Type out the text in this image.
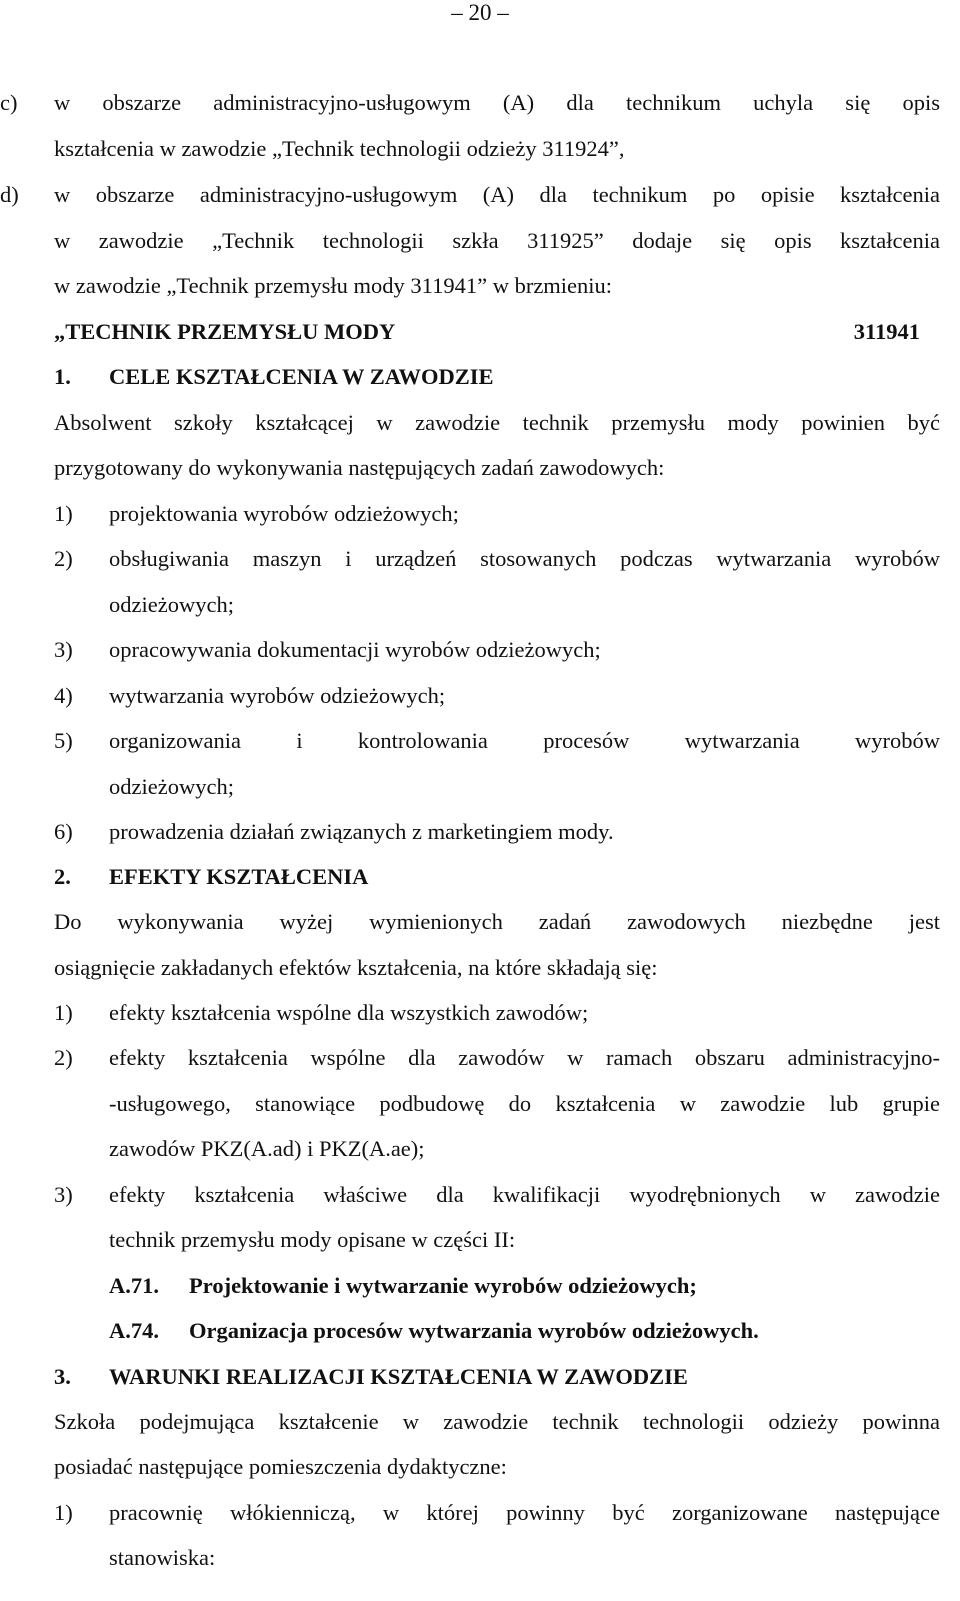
– 20 –
c) w obszarze administracyjno-usługowym (A) dla technikum uchyla się opis
kształcenia w zawodzie „Technik technologii odzieży 311924”,
d) w obszarze administracyjno-usługowym (A) dla technikum po opisie kształcenia
w zawodzie „Technik technologii szkła 311925” dodaje się opis kształcenia
w zawodzie „Technik przemysłu mody 311941” w brzmieniu:
„TECHNIK PRZEMYSŁU MODY	311941
1. CELE KSZTAŁCENIA W ZAWODZIE
Absolwent szkoły kształcącej w zawodzie technik przemysłu mody powinien być
przygotowany do wykonywania następujących zadań zawodowych:
1) projektowania wyrobów odzieżowych;
2) obsługiwania maszyn i urządzeń stosowanych podczas wytwarzania wyrobów
odzieżowych;
3) opracowywania dokumentacji wyrobów odzieżowych;
4) wytwarzania wyrobów odzieżowych;
5) organizowania i kontrolowania procesów wytwarzania wyrobów
odzieżowych;
6) prowadzenia działań związanych z marketingiem mody.
2. EFEKTY KSZTAŁCENIA
Do wykonywania wyżej wymienionych zadań zawodowych niezbędne jest
osiągnięcie zakładanych efektów kształcenia, na które składają się:
1) efekty kształcenia wspólne dla wszystkich zawodów;
2) efekty kształcenia wspólne dla zawodów w ramach obszaru administracyjno-
-usługowego, stanowiące podbudowę do kształcenia w zawodzie lub grupie
zawodów PKZ(A.ad) i PKZ(A.ae);
3) efekty kształcenia właściwe dla kwalifikacji wyodrębnionych w zawodzie
technik przemysłu mody opisane w części II:
A.71. Projektowanie i wytwarzanie wyrobów odzieżowych;
A.74. Organizacja procesów wytwarzania wyrobów odzieżowych.
3. WARUNKI REALIZACJI KSZTAŁCENIA W ZAWODZIE
Szkoła podejmująca kształcenie w zawodzie technik technologii odzieży powinna
posiadać następujące pomieszczenia dydaktyczne:
1) pracownię włókienniczą, w której powinny być zorganizowane następujące
stanowiska:
